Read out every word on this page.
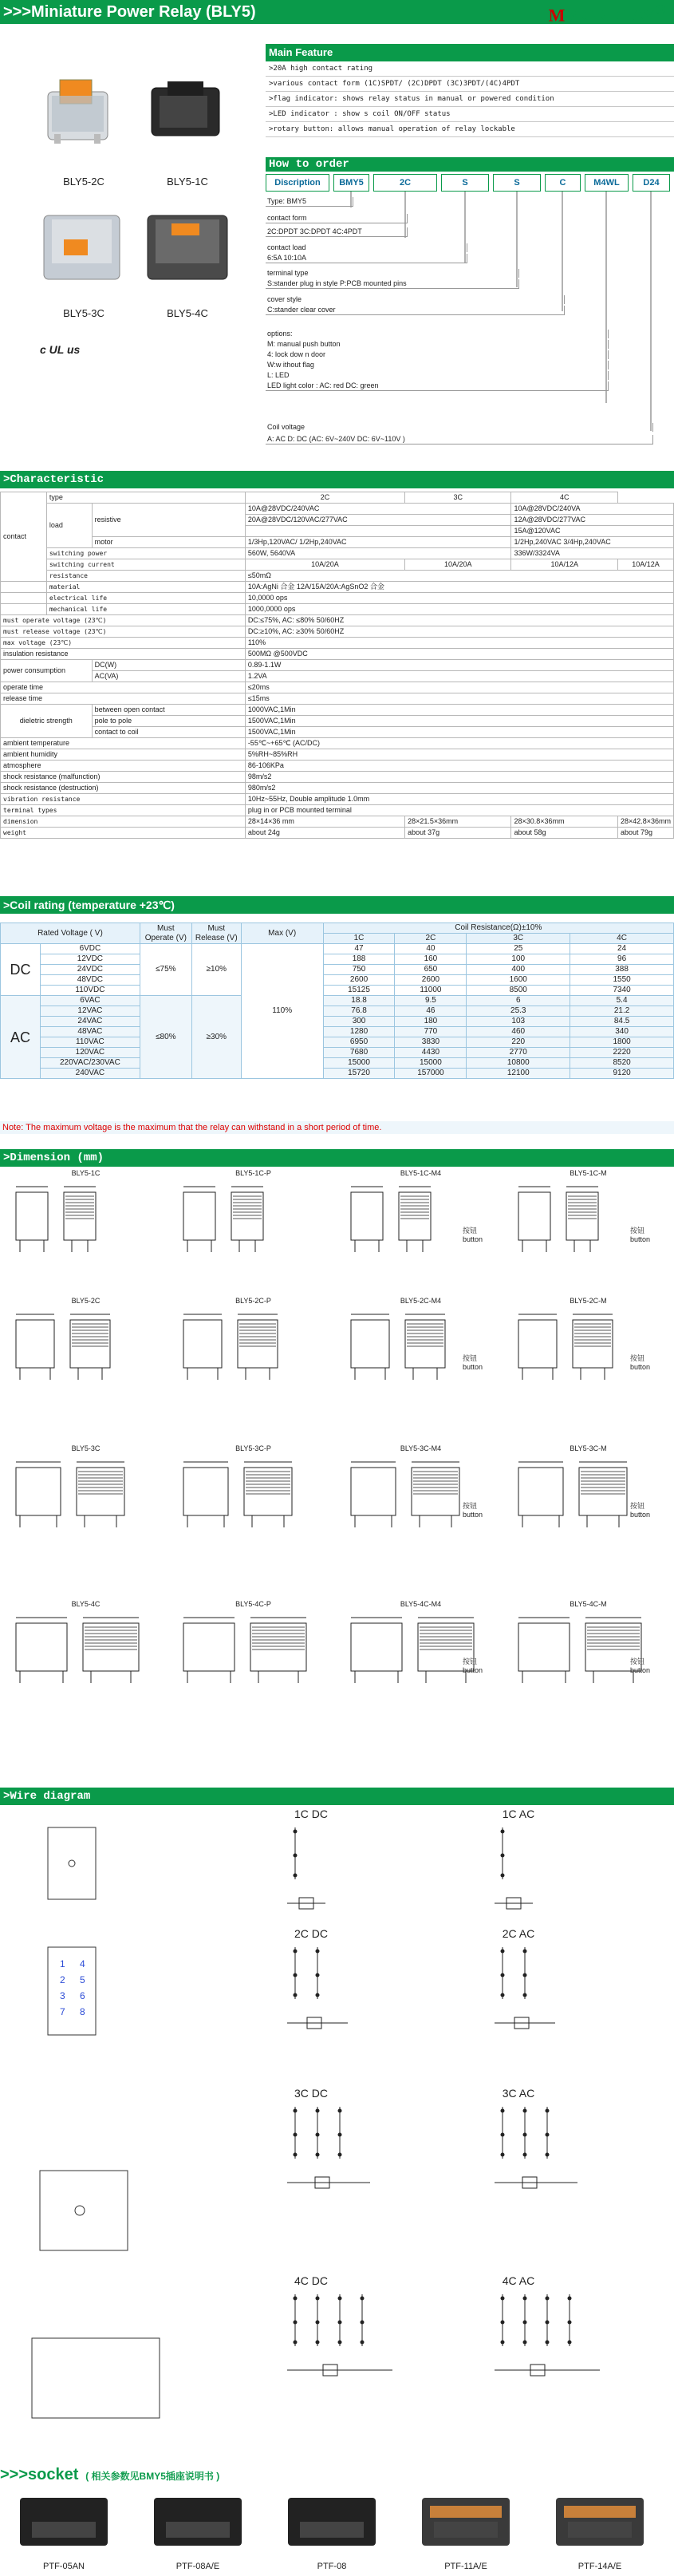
>>>Miniature Power Relay (BLY5)	MMGRELAY®
BLY5-2C	BLY5-1C
BLY5-3C	BLY5-4C
c UL us
Main Feature
>20A high contact rating
>various contact form (1C)SPDT/ (2C)DPDT (3C)3PDT/(4C)4PDT
>flag indicator: shows relay status in manual or powered condition
>LED indicator : show s coil ON/OFF status
>rotary button: allows manual operation of relay lockable
How to order
Discription	BMY5	2C	S	S	C	M4WL	D24
Type: BMY5
contact form
2C:DPDT 3C:DPDT 4C:4PDT
contact load
6:5A 10:10A
terminal type
S:stander plug in style P:PCB mounted pins
cover style
C:stander clear cover
options:
M: manual push button
4: lock dow n door
W:w ithout flag
L: LED
LED light color : AC: red DC: green
Coil voltage
A: AC D: DC (AC: 6V~240V DC: 6V~110V )
>Characteristic
contact	type		2C	3C	4C	
	load	resistive	10A@28VDC/240VAC		10A@28VDC/240VA	
			20A@28VDC/120VAC/277VAC		12A@28VDC/277VAC	
					15A@120VAC	
		motor	1/3Hp,120VAC/ 1/2Hp,240VAC		1/2Hp,240VAC 3/4Hp,240VAC	
	switching power		560W, 5640VA		336W/3324VA	
	switching current		10A/20A	10A/20A	10A/12A	10A/12A
	resistance		≤50mΩ			
	material		10A:AgNi 合金 12A/15A/20A:AgSnO2 合金			
	electrical life		10,0000 ops			
	mechanical life		1000,0000 ops			
must operate voltage (23℃)			DC:≤75%, AC: ≤80% 50/60HZ			
must release voltage (23℃)			DC:≥10%, AC: ≥30% 50/60HZ			
max voltage (23℃)			110%			
insulation resistance			500MΩ @500VDC			
power consumption		DC(W)	0.89-1.1W			
		AC(VA)	1.2VA			
operate time			≤20ms			
release time			≤15ms			
dieletric strength		between open contact	1000VAC,1Min			
		pole to pole	1500VAC,1Min			
		contact to coil	1500VAC,1Min			
ambient temperature			-55℃~+65℃ (AC/DC)			
ambient humidity			5%RH~85%RH			
atmosphere			86-106KPa			
shock resistance (malfunction)			98m/s2			
shock resistance (destruction)			980m/s2			
vibration resistance			10Hz~55Hz, Double amplitude 1.0mm			
terminal types			plug in or PCB mounted terminal			
dimension			28×14×36 mm	28×21.5×36mm	28×30.8×36mm	28×42.8×36mm
weight			about 24g	about 37g	about 58g	about 79g
>Coil rating (temperature +23℃)
Rated Voltage ( V)		Must Operate (V)	Must Release (V)	Max (V)	Coil Resistance(Ω)±10%			
					1C	2C	3C	4C
DC	6VDC	≤75%	≥10%	110%	47	40	25	24
	12VDC				188	160	100	96
	24VDC				750	650	400	388
	48VDC				2600	2600	1600	1550
	110VDC				15125	11000	8500	7340
AC	6VAC	≤80%	≥30%		18.8	9.5	6	5.4
	12VAC				76.8	46	25.3	21.2
	24VAC				300	180	103	84.5
	48VAC				1280	770	460	340
	110VAC				6950	3830	220	1800
	120VAC				7680	4430	2770	2220
	220VAC/230VAC				15000	15000	10800	8520
	240VAC				15720	157000	12100	9120
Note: The maximum voltage is the maximum that the relay can withstand in a short period of time.
>Dimension (mm)
BLY5-1C	BLY5-1C-P	BLY5-1C-M4	BLY5-1C-M
BLY5-2C	BLY5-2C-P	BLY5-2C-M4	BLY5-2C-M
BLY5-3C	BLY5-3C-P	BLY5-3C-M4	BLY5-3C-M
BLY5-4C	BLY5-4C-P	BLY5-4C-M4	BLY5-4C-M
按钮 button
按钮 button
按钮 button
按钮 button
按钮 button
按钮 button
按钮 button
按钮 button
>Wire diagram
1 4
2 5
3 6
7 8
1C DC	1C AC
2C DC	2C AC
3C DC	3C AC
4C DC	4C AC
>>>socket ( 相关参数见BMY5插座说明书 )
PTF-05AN	PTF-08A/E	PTF-08	PTF-11A/E	PTF-14A/E
